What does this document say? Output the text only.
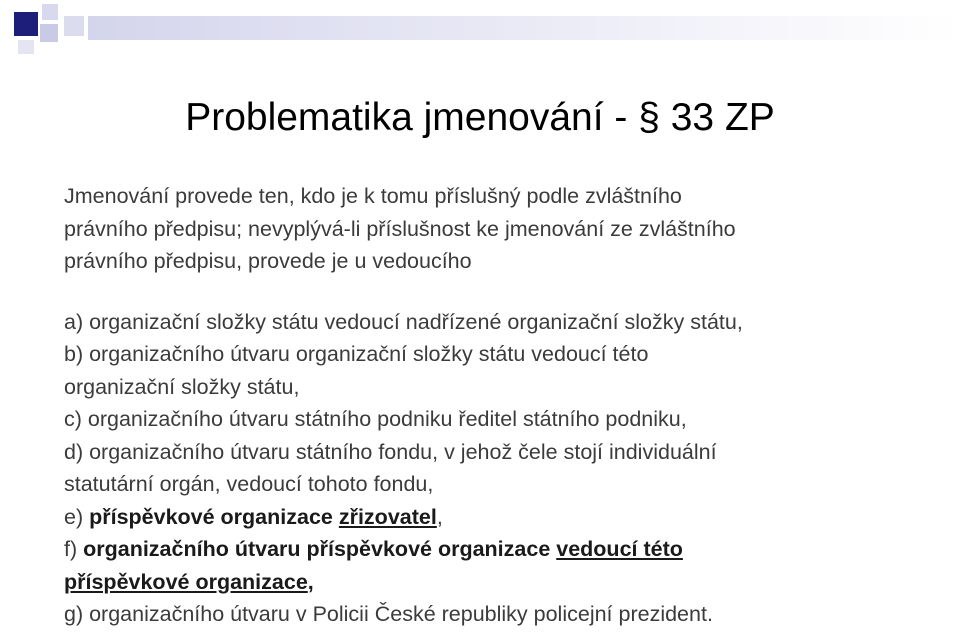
Problematika jmenování - § 33 ZP
Jmenování provede ten, kdo je k tomu příslušný podle zvláštního
právního předpisu; nevyplývá-li příslušnost ke jmenování ze zvláštního
právního předpisu, provede je u vedoucího
a) organizační složky státu vedoucí nadřízené organizační složky státu,
b) organizačního útvaru organizační složky státu vedoucí této
organizační složky státu,
c) organizačního útvaru státního podniku ředitel státního podniku,
d) organizačního útvaru státního fondu, v jehož čele stojí individuální
statutární orgán, vedoucí tohoto fondu,
e) příspěvkové organizace zřizovatel,
f) organizačního útvaru příspěvkové organizace vedoucí této
příspěvkové organizace,
g) organizačního útvaru v Policii České republiky policejní prezident.
